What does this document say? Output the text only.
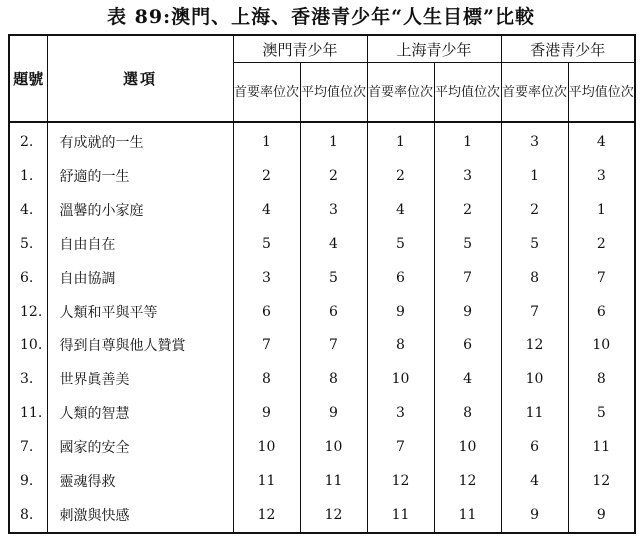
表 89:澳門、上海、香港青少年“人生目標”比較
題號	選項	澳門青少年		上海青少年		香港青少年	
		首要率位次	平均值位次	首要率位次	平均值位次	首要率位次	平均值位次
2.	有成就的一生	1	1	1	1	3	4
1.	舒適的一生	2	2	2	3	1	3
4.	溫馨的小家庭	4	3	4	2	2	1
5.	自由自在	5	4	5	5	5	2
6.	自由協調	3	5	6	7	8	7
12.	人類和平與平等	6	6	9	9	7	6
10.	得到自尊與他人贊賞	7	7	8	6	12	10
3.	世界眞善美	8	8	10	4	10	8
11.	人類的智慧	9	9	3	8	11	5
7.	國家的安全	10	10	7	10	6	11
9.	靈魂得救	11	11	12	12	4	12
8.	刺激與快感	12	12	11	11	9	9
